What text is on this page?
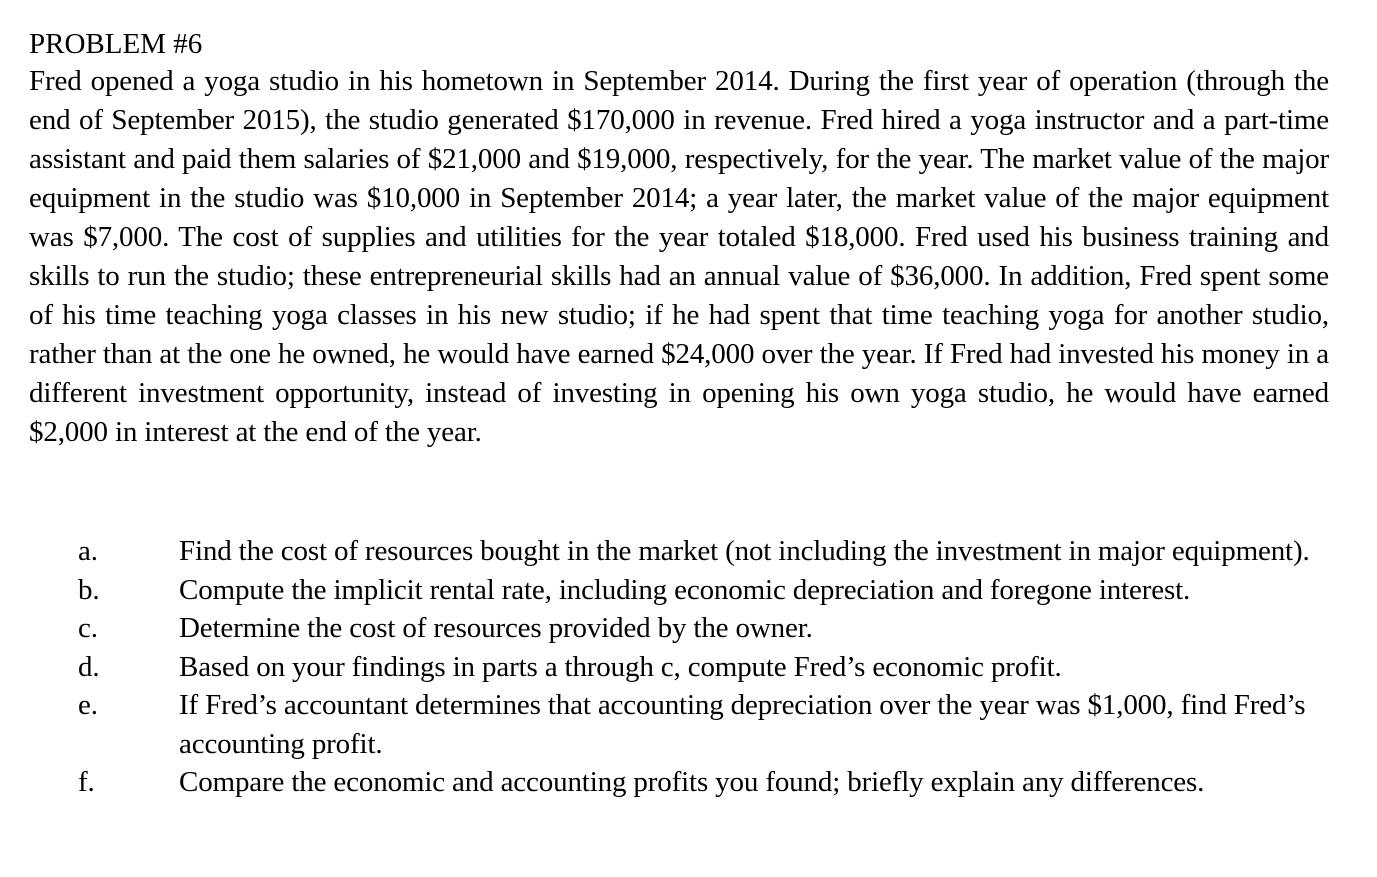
PROBLEM #6

Fred opened a yoga studio in his hometown in September 2014. During the first year of operation (through the end of September 2015), the studio generated $170,000 in revenue. Fred hired a yoga instructor and a part-time assistant and paid them salaries of $21,000 and $19,000, respectively, for the year. The market value of the major equipment in the studio was $10,000 in September 2014; a year later, the market value of the major equipment was $7,000. The cost of supplies and utilities for the year totaled $18,000. Fred used his business training and skills to run the studio; these entrepreneurial skills had an annual value of $36,000. In addition, Fred spent some of his time teaching yoga classes in his new studio; if he had spent that time teaching yoga for another studio, rather than at the one he owned, he would have earned $24,000 over the year. If Fred had invested his money in a different investment opportunity, instead of investing in opening his own yoga studio, he would have earned $2,000 in interest at the end of the year.

a.	Find the cost of resources bought in the market (not including the investment in major equipment).
b.	Compute the implicit rental rate, including economic depreciation and foregone interest.
c.	Determine the cost of resources provided by the owner.
d.	Based on your findings in parts a through c, compute Fred’s economic profit.
e.	If Fred’s accountant determines that accounting depreciation over the year was $1,000, find Fred’s accounting profit.
f.	Compare the economic and accounting profits you found; briefly explain any differences.
